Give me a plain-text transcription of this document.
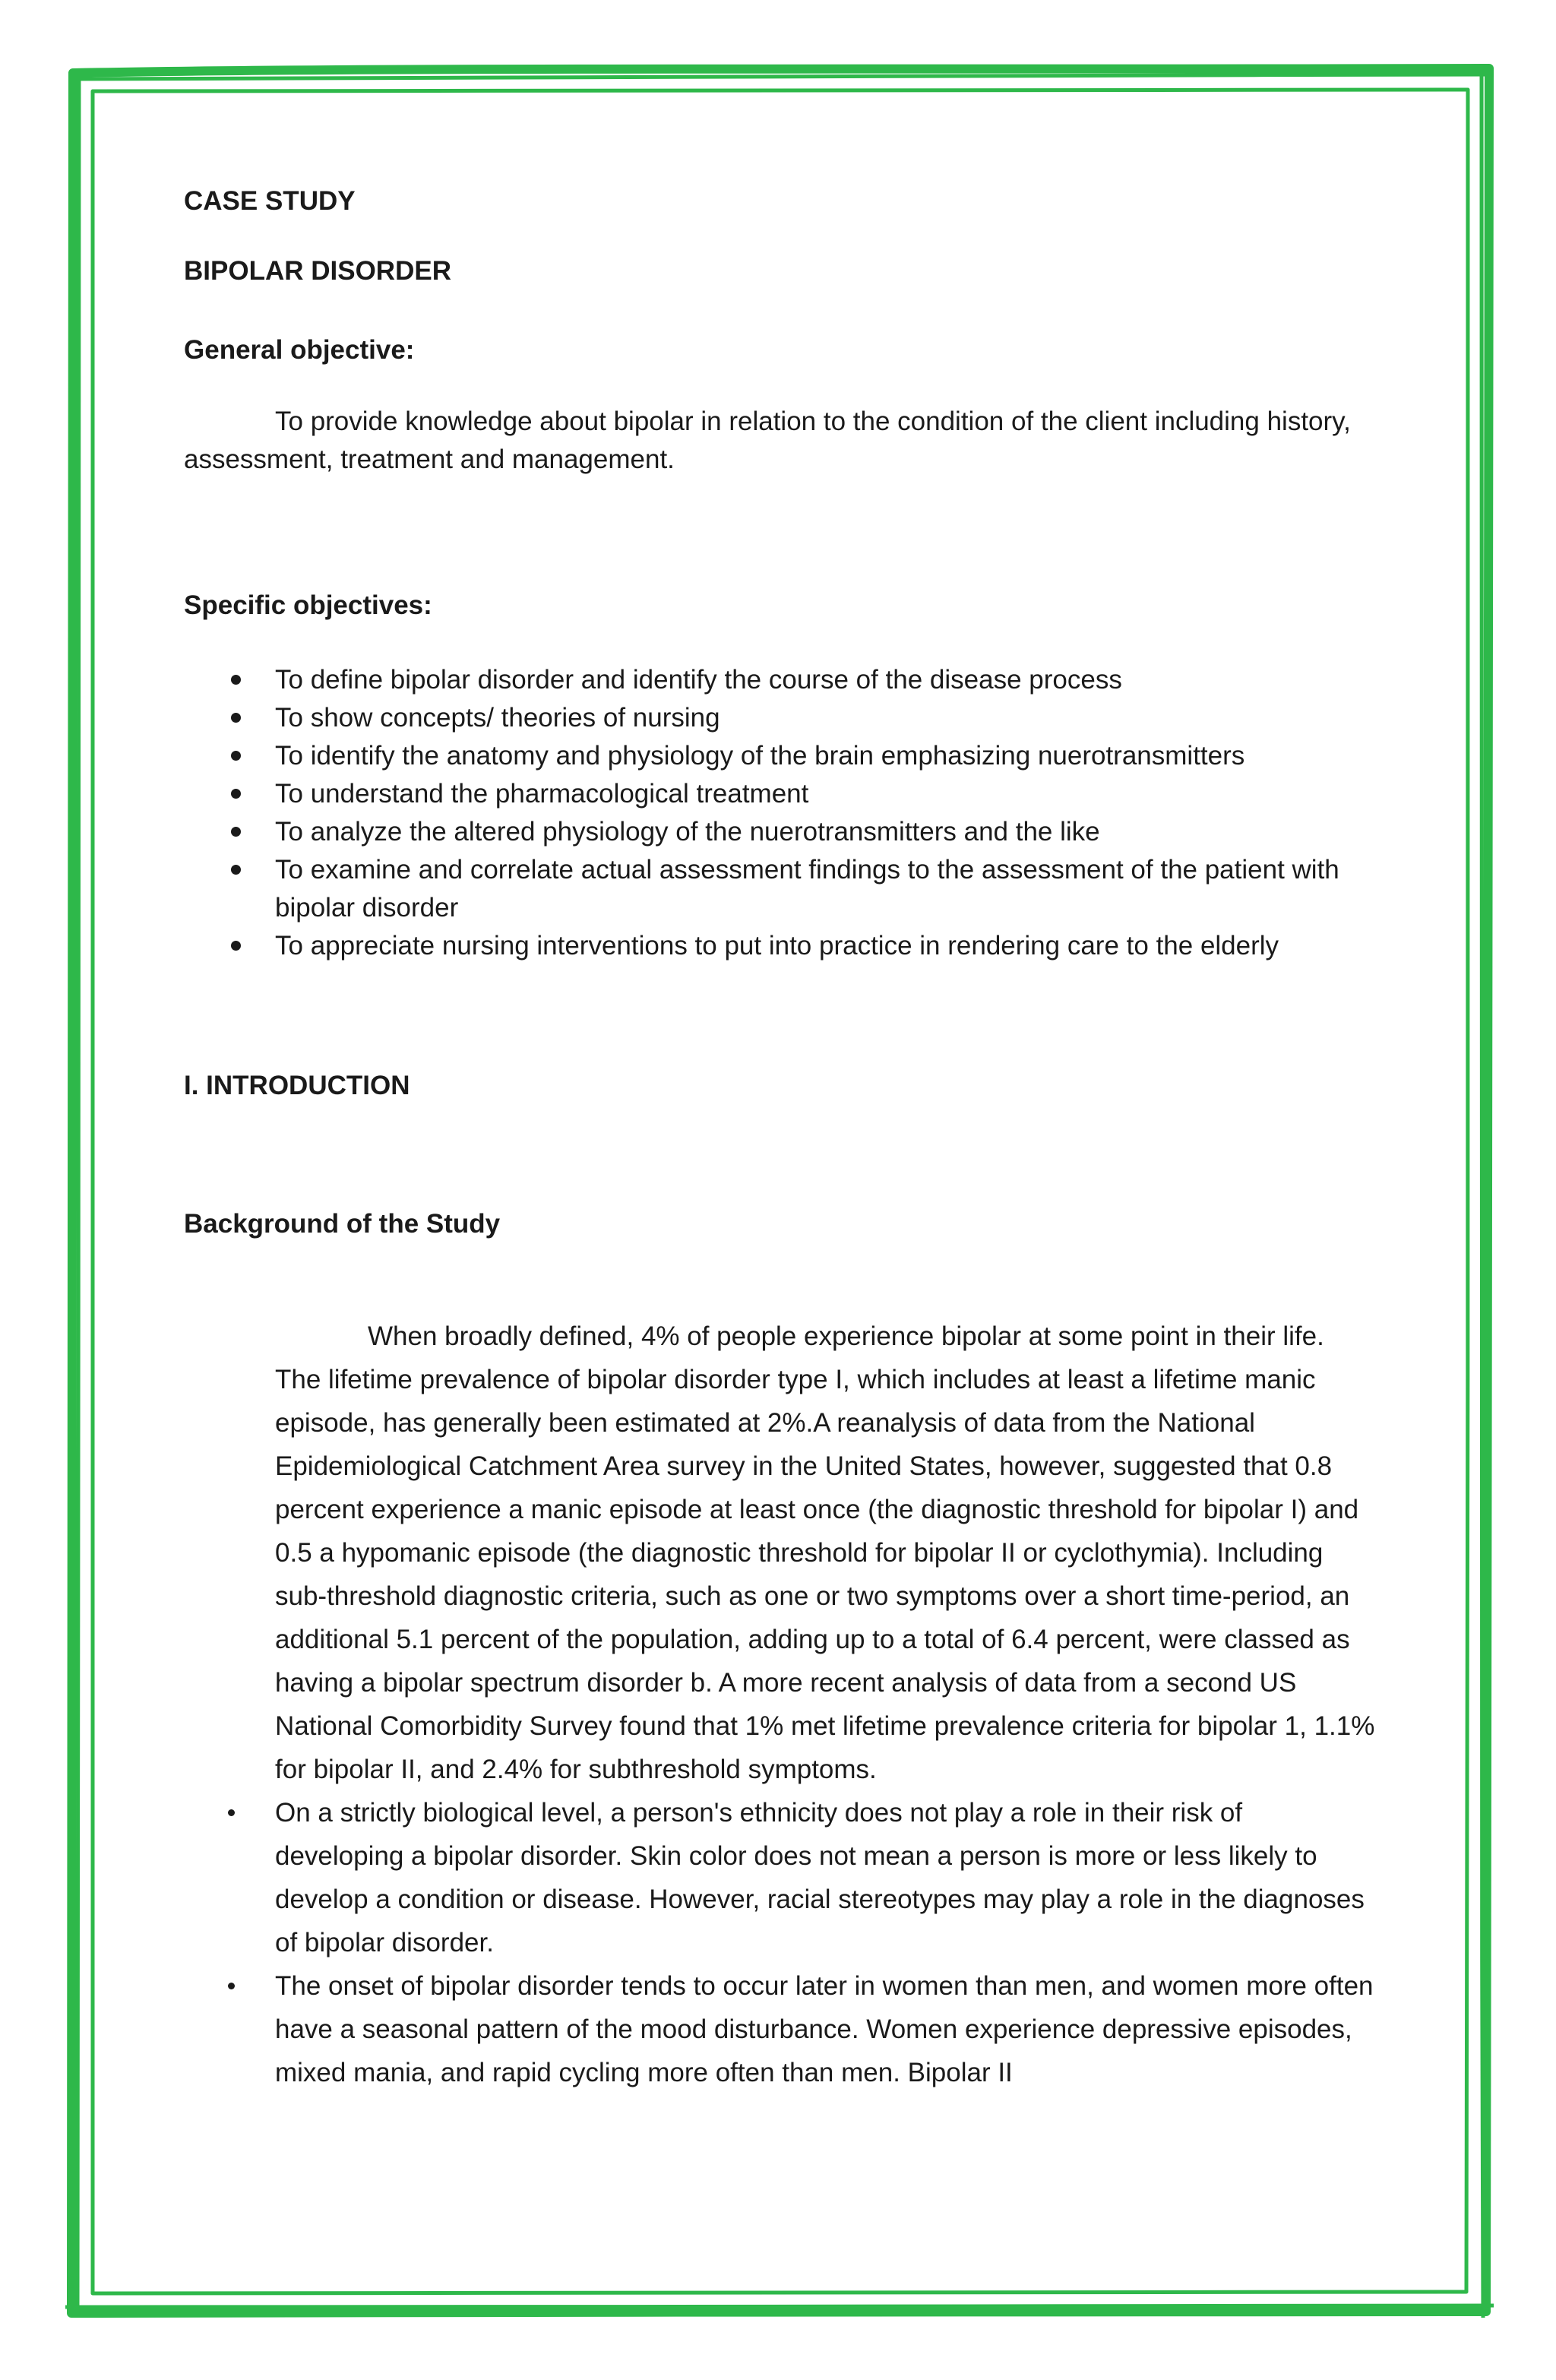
CASE STUDY

BIPOLAR DISORDER

General objective:

To provide knowledge about bipolar in relation to the condition of the client including history, assessment, treatment and management.

Specific objectives:

To define bipolar disorder and identify the course of the disease process
To show concepts/ theories of nursing
To identify the anatomy and physiology of the brain emphasizing nuerotransmitters
To understand the pharmacological treatment
To analyze the altered physiology of the nuerotransmitters and the like
To examine and correlate actual assessment findings to the assessment of the patient with bipolar disorder
To appreciate nursing interventions to put into practice in rendering care to the elderly

I. INTRODUCTION

Background of the Study

When broadly defined, 4% of people experience bipolar at some point in their life. The lifetime prevalence of bipolar disorder type I, which includes at least a lifetime manic episode, has generally been estimated at 2%.A reanalysis of data from the National Epidemiological Catchment Area survey in the United States, however, suggested that 0.8 percent experience a manic episode at least once (the diagnostic threshold for bipolar I) and 0.5 a hypomanic episode (the diagnostic threshold for bipolar II or cyclothymia). Including sub-threshold diagnostic criteria, such as one or two symptoms over a short time-period, an additional 5.1 percent of the population, adding up to a total of 6.4 percent, were classed as having a bipolar spectrum disorder b. A more recent analysis of data from a second US National Comorbidity Survey found that 1% met lifetime prevalence criteria for bipolar 1, 1.1% for bipolar II, and 2.4% for subthreshold symptoms.

On a strictly biological level, a person's ethnicity does not play a role in their risk of developing a bipolar disorder. Skin color does not mean a person is more or less likely to develop a condition or disease. However, racial stereotypes may play a role in the diagnoses of bipolar disorder.
The onset of bipolar disorder tends to occur later in women than men, and women more often have a seasonal pattern of the mood disturbance. Women experience depressive episodes, mixed mania, and rapid cycling more often than men. Bipolar II
